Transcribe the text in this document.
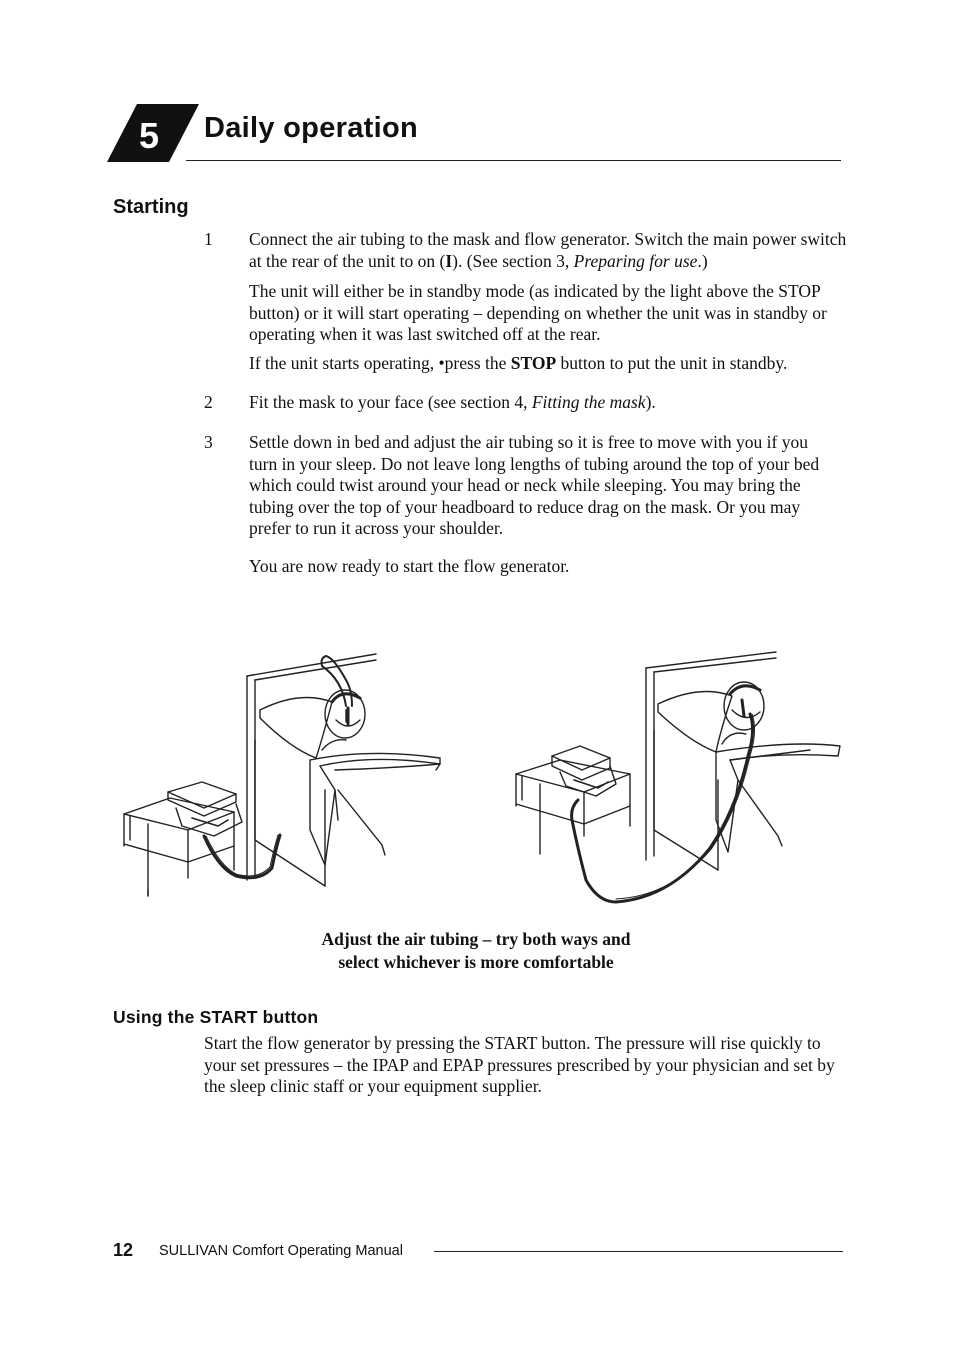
5 Daily operation
Starting
1 Connect the air tubing to the mask and flow generator. Switch the main power switch at the rear of the unit to on (I). (See section 3, Preparing for use.)
The unit will either be in standby mode (as indicated by the light above the STOP button) or it will start operating – depending on whether the unit was in standby or operating when it was last switched off at the rear.
If the unit starts operating, •press the STOP button to put the unit in standby.
2 Fit the mask to your face (see section 4, Fitting the mask).
3 Settle down in bed and adjust the air tubing so it is free to move with you if you turn in your sleep. Do not leave long lengths of tubing around the top of your bed which could twist around your head or neck while sleeping. You may bring the tubing over the top of your headboard to reduce drag on the mask. Or you may prefer to run it across your shoulder.
You are now ready to start the flow generator.
Adjust the air tubing – try both ways and
select whichever is more comfortable
Using the START button
Start the flow generator by pressing the START button. The pressure will rise quickly to your set pressures – the IPAP and EPAP pressures prescribed by your physician and set by the sleep clinic staff or your equipment supplier.
12 SULLIVAN Comfort Operating Manual
